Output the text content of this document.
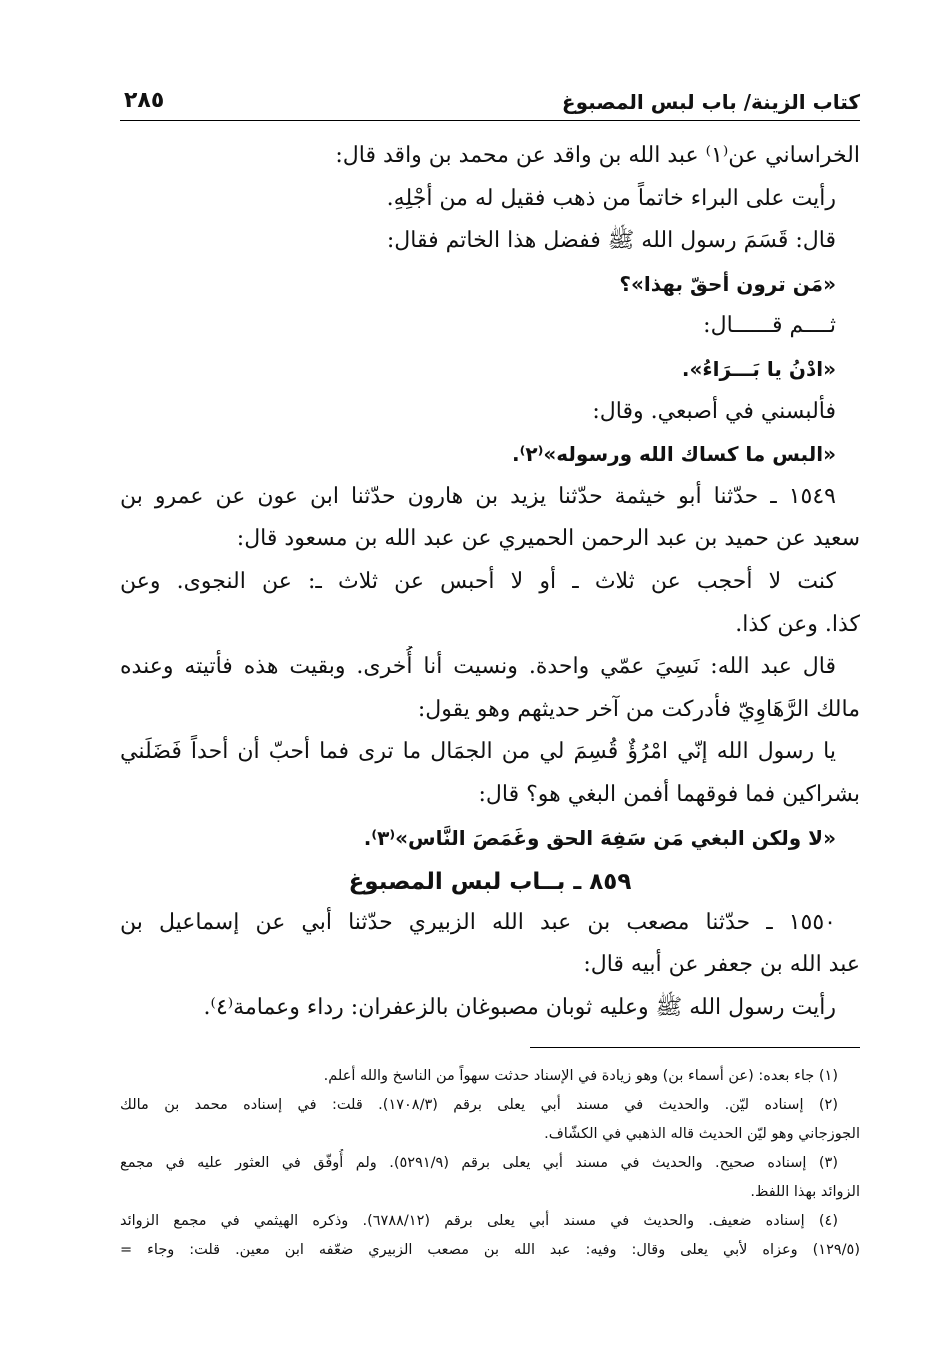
كتاب الزينة/ باب لبس المصبوغ
٢٨٥
الخراساني عن⁽١⁾ عبد الله بن واقد عن محمد بن واقد قال:
رأيت على البراء خاتماً من ذهب فقيل له من أجْلِهِ.
قال: قَسَمَ رسول الله ﷺ ففضل هذا الخاتم فقال:
«مَن ترون أحقّ بهذا»؟
ثــــم قــــــال:
«ادْنُ يا بَـــرَاءُ».
فألبسني في أصبعي. وقال:
«البس ما كساك الله ورسوله»⁽٢⁾.
١٥٤٩ ـ حدّثنا أبو خيثمة حدّثنا يزيد بن هارون حدّثنا ابن عون عن عمرو بن
سعيد عن حميد بن عبد الرحمن الحميري عن عبد الله بن مسعود قال:
كنت لا أحجب عن ثلاث ـ أو لا أحبس عن ثلاث ـ: عن النجوى. وعن
كذا. وعن كذا.
قال عبد الله: نَسِيَ عمّي واحدة. ونسيت أنا أُخرى. وبقيت هذه فأتيته وعنده
مالك الرَّهَاوِيّ فأدركت من آخر حديثهم وهو يقول:
يا رسول الله إنّي امْرُؤٌ قُسِمَ لي من الجمَال ما ترى فما أحبّ أن أحداً فَضَلَني
بشراكين فما فوقهما أفمن البغي هو؟ قال:
«لا ولكن البغي مَن سَفِهَ الحق وغَمَصَ النَّاس»⁽٣⁾.
٨٥٩ ـ بــاب لبس المصبوغ
١٥٥٠ ـ حدّثنا مصعب بن عبد الله الزبيري حدّثنا أبي عن إسماعيل بن
عبد الله بن جعفر عن أبيه قال:
رأيت رسول الله ﷺ وعليه ثوبان مصبوغان بالزعفران: رداء وعمامة⁽٤⁾.
(١) جاء بعده: (عن أسماء بن) وهو زيادة في الإسناد حدثت سهواً من الناسخ والله أعلم.
(٢) إسناده ليّن. والحديث في مسند أبي يعلى برقم (١٧٠٨/٣). قلت: في إسناده محمد بن مالك
الجوزجاني وهو ليّن الحديث قاله الذهبي في الكشّاف.
(٣) إسناده صحيح. والحديث في مسند أبي يعلى برقم (٥٢٩١/٩). ولم أُوفّق في العثور عليه في مجمع
الزوائد بهذا اللفظ.
(٤) إسناده ضعيف. والحديث في مسند أبي يعلى برقم (٦٧٨٨/١٢). وذكره الهيثمي في مجمع الزوائد
(١٢٩/٥) وعزاه لأبي يعلى وقال: وفيه: عبد الله بن مصعب الزبيري ضعّفه ابن معين. قلت: وجاء =
